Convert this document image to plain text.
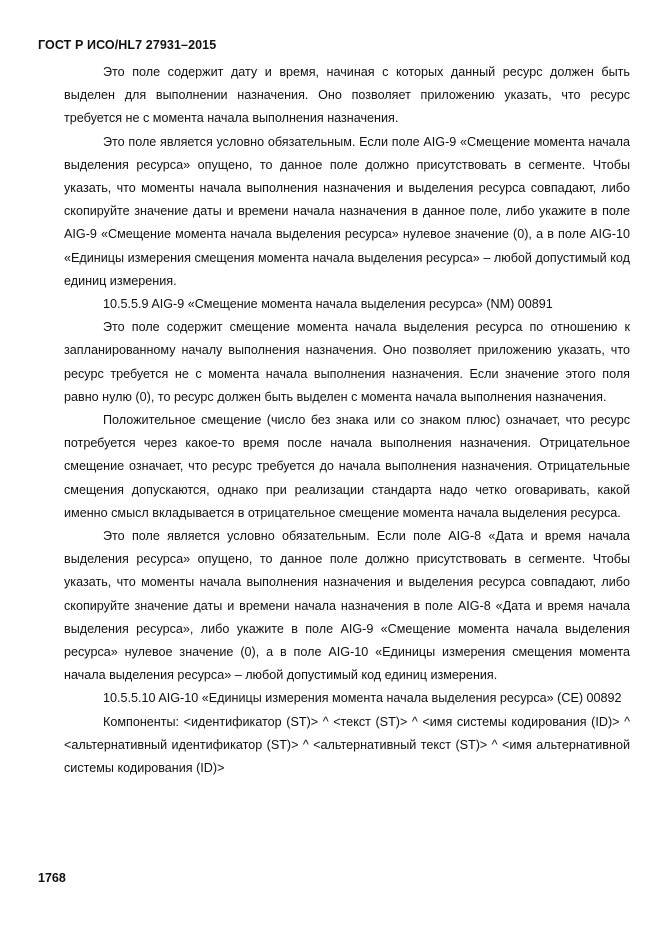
ГОСТ Р ИСО/HL7 27931–2015

Это поле содержит дату и время, начиная с которых данный ресурс должен быть выделен для выполнении назначения. Оно позволяет приложению указать, что ресурс требуется не с момента начала выполнения назначения.

Это поле является условно обязательным. Если поле AIG-9 «Смещение момента начала выделения ресурса» опущено, то данное поле должно присутствовать в сегменте. Чтобы указать, что моменты начала выполнения назначения и выделения ресурса совпадают, либо скопируйте значение даты и времени начала назначения в данное поле, либо укажите в поле AIG-9 «Смещение момента начала выделения ресурса» нулевое значение (0), а в поле AIG-10 «Единицы измерения смещения момента начала выделения ресурса» – любой допустимый код единиц измерения.

10.5.5.9 AIG-9 «Смещение момента начала выделения ресурса» (NM) 00891

Это поле содержит смещение момента начала выделения ресурса по отношению к запланированному началу выполнения назначения. Оно позволяет приложению указать, что ресурс требуется не с момента начала выполнения назначения. Если значение этого поля равно нулю (0), то ресурс должен быть выделен с момента начала выполнения назначения.

Положительное смещение (число без знака или со знаком плюс) означает, что ресурс потребуется через какое-то время после начала выполнения назначения. Отрицательное смещение означает, что ресурс требуется до начала выполнения назначения. Отрицательные смещения допускаются, однако при реализации стандарта надо четко оговаривать, какой именно смысл вкладывается в отрицательное смещение момента начала выделения ресурса.

Это поле является условно обязательным. Если поле AIG-8 «Дата и время начала выделения ресурса» опущено, то данное поле должно присутствовать в сегменте. Чтобы указать, что моменты начала выполнения назначения и выделения ресурса совпадают, либо скопируйте значение даты и времени начала назначения в поле AIG-8 «Дата и время начала выделения ресурса», либо укажите в поле AIG-9 «Смещение момента начала выделения ресурса» нулевое значение (0), а в поле AIG-10 «Единицы измерения смещения момента начала выделения ресурса» – любой допустимый код единиц измерения.

10.5.5.10 AIG-10 «Единицы измерения момента начала выделения ресурса» (CE) 00892

Компоненты: <идентификатор (ST)> ^ <текст (ST)> ^ <имя системы кодирования (ID)> ^ <альтернативный идентификатор (ST)> ^ <альтернативный текст (ST)> ^ <имя альтернативной системы кодирования (ID)>

1768
